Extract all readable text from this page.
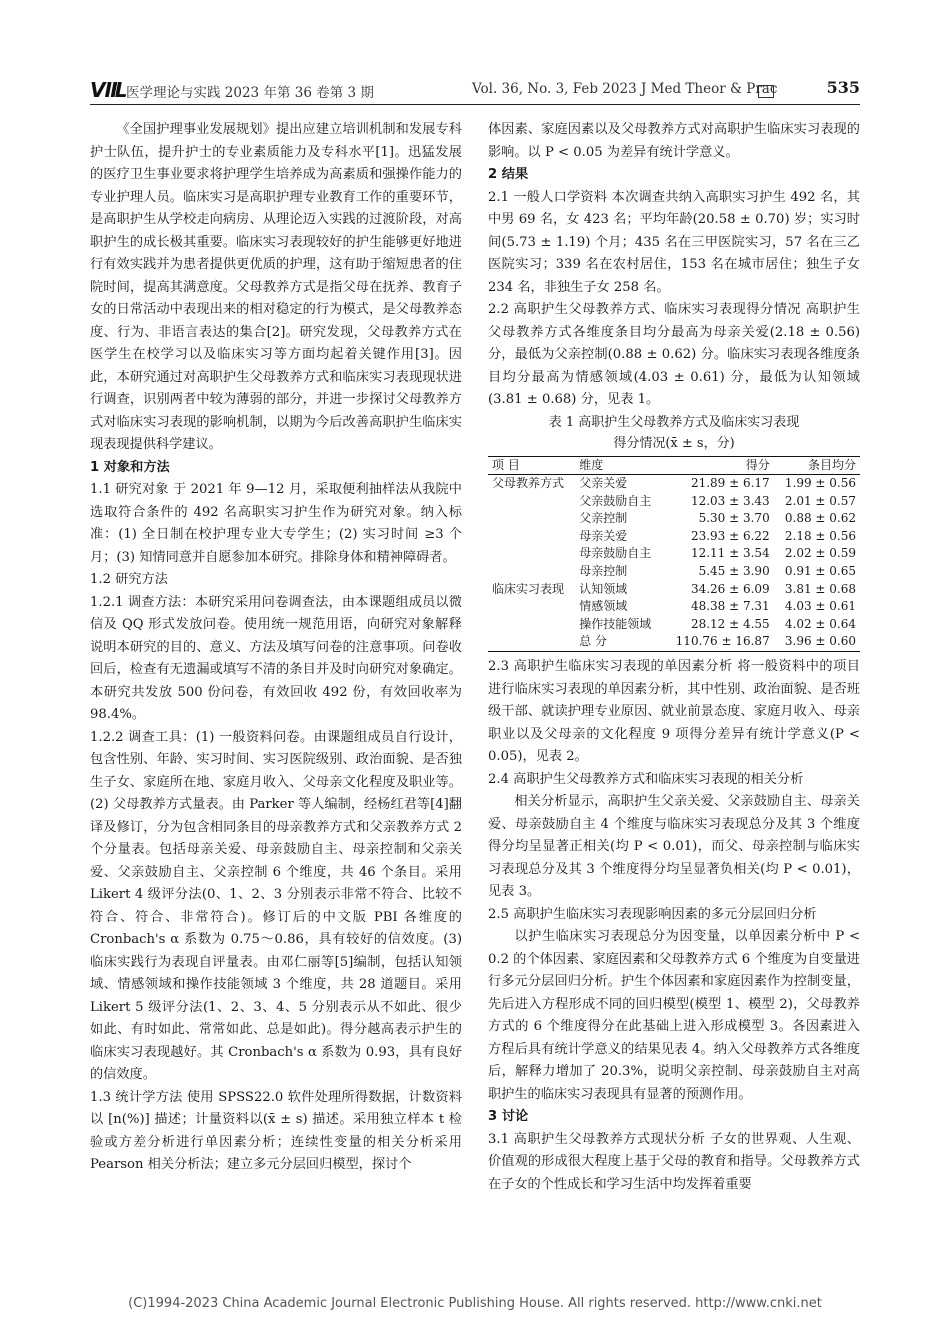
ⅦL 医学理论与实践 2023 年第 36 卷第 3 期	Vol. 36, No. 3, Feb 2023 J Med Theor & Prac	535

《全国护理事业发展规划》提出应建立培训机制和发展专科护士队伍，提升护士的专业素质能力及专科水平[1]。迅猛发展的医疗卫生事业要求将护理学生培养成为高素质和强操作能力的专业护理人员。临床实习是高职护理专业教育工作的重要环节，是高职护生从学校走向病房、从理论迈入实践的过渡阶段，对高职护生的成长极其重要。临床实习表现较好的护生能够更好地进行有效实践并为患者提供更优质的护理，这有助于缩短患者的住院时间，提高其满意度。父母教养方式是指父母在抚养、教育子女的日常活动中表现出来的相对稳定的行为模式，是父母教养态度、行为、非语言表达的集合[2]。研究发现，父母教养方式在医学生在校学习以及临床实习等方面均起着关键作用[3]。因此，本研究通过对高职护生父母教养方式和临床实习表现现状进行调查，识别两者中较为薄弱的部分，并进一步探讨父母教养方式对临床实习表现的影响机制，以期为今后改善高职护生临床实现表现提供科学建议。

1 对象和方法

1.1 研究对象 于 2021 年 9—12 月，采取便利抽样法从我院中选取符合条件的 492 名高职实习护生作为研究对象。纳入标准：(1) 全日制在校护理专业大专学生；(2) 实习时间 ≥3 个月；(3) 知情同意并自愿参加本研究。排除身体和精神障碍者。

1.2 研究方法

1.2.1 调查方法：本研究采用问卷调查法，由本课题组成员以微信及 QQ 形式发放问卷。使用统一规范用语，向研究对象解释说明本研究的目的、意义、方法及填写问卷的注意事项。问卷收回后，检查有无遗漏或填写不清的条目并及时向研究对象确定。本研究共发放 500 份问卷，有效回收 492 份，有效回收率为 98.4%。

1.2.2 调查工具：(1) 一般资料问卷。由课题组成员自行设计，包含性别、年龄、实习时间、实习医院级别、政治面貌、是否独生子女、家庭所在地、家庭月收入、父母亲文化程度及职业等。(2) 父母教养方式量表。由 Parker 等人编制，经杨红君等[4]翻译及修订，分为包含相同条目的母亲教养方式和父亲教养方式 2 个分量表。包括母亲关爱、母亲鼓励自主、母亲控制和父亲关爱、父亲鼓励自主、父亲控制 6 个维度，共 46 个条目。采用 Likert 4 级评分法(0、1、2、3 分别表示非常不符合、比较不符合、符合、非常符合)。修订后的中文版 PBI 各维度的 Cronbach's α 系数为 0.75～0.86，具有较好的信效度。(3) 临床实践行为表现自评量表。由邓仁丽等[5]编制，包括认知领域、情感领域和操作技能领域 3 个维度，共 28 道题目。采用 Likert 5 级评分法(1、2、3、4、5 分别表示从不如此、很少如此、有时如此、常常如此、总是如此)。得分越高表示护生的临床实习表现越好。其 Cronbach's α 系数为 0.93，具有良好的信效度。

1.3 统计学方法 使用 SPSS22.0 软件处理所得数据，计数资料以 [n(%)] 描述；计量资料以(x̄ ± s) 描述。采用独立样本 t 检验或方差分析进行单因素分析；连续性变量的相关分析采用 Pearson 相关分析法；建立多元分层回归模型，探讨个

体因素、家庭因素以及父母教养方式对高职护生临床实习表现的影响。以 P < 0.05 为差异有统计学意义。

2 结果

2.1 一般人口学资料 本次调查共纳入高职实习护生 492 名，其中男 69 名，女 423 名；平均年龄(20.58 ± 0.70) 岁；实习时间(5.73 ± 1.19) 个月；435 名在三甲医院实习，57 名在三乙医院实习；339 名在农村居住，153 名在城市居住；独生子女 234 名，非独生子女 258 名。

2.2 高职护生父母教养方式、临床实习表现得分情况 高职护生父母教养方式各维度条目均分最高为母亲关爱(2.18 ± 0.56) 分，最低为父亲控制(0.88 ± 0.62) 分。临床实习表现各维度条目均分最高为情感领域(4.03 ± 0.61) 分，最低为认知领域(3.81 ± 0.68) 分，见表 1。

表 1 高职护生父母教养方式及临床实习表现
得分情况(x̄ ± s，分)
项 目	维度	得分	条目均分
父母教养方式	父亲关爱	21.89 ± 6.17	1.99 ± 0.56
	父亲鼓励自主	12.03 ± 3.43	2.01 ± 0.57
	父亲控制	5.30 ± 3.70	0.88 ± 0.62
	母亲关爱	23.93 ± 6.22	2.18 ± 0.56
	母亲鼓励自主	12.11 ± 3.54	2.02 ± 0.59
	母亲控制	5.45 ± 3.90	0.91 ± 0.65
临床实习表现	认知领域	34.26 ± 6.09	3.81 ± 0.68
	情感领域	48.38 ± 7.31	4.03 ± 0.61
	操作技能领域	28.12 ± 4.55	4.02 ± 0.64
	总 分	110.76 ± 16.87	3.96 ± 0.60

2.3 高职护生临床实习表现的单因素分析 将一般资料中的项目进行临床实习表现的单因素分析，其中性别、政治面貌、是否班级干部、就读护理专业原因、就业前景态度、家庭月收入、母亲职业以及父母亲的文化程度 9 项得分差异有统计学意义(P < 0.05)，见表 2。

2.4 高职护生父母教养方式和临床实习表现的相关分析

相关分析显示，高职护生父亲关爱、父亲鼓励自主、母亲关爱、母亲鼓励自主 4 个维度与临床实习表现总分及其 3 个维度得分均呈显著正相关(均 P < 0.01)，而父、母亲控制与临床实习表现总分及其 3 个维度得分均呈显著负相关(均 P < 0.01)，见表 3。

2.5 高职护生临床实习表现影响因素的多元分层回归分析

以护生临床实习表现总分为因变量，以单因素分析中 P < 0.2 的个体因素、家庭因素和父母教养方式 6 个维度为自变量进行多元分层回归分析。护生个体因素和家庭因素作为控制变量，先后进入方程形成不同的回归模型(模型 1、模型 2)，父母教养方式的 6 个维度得分在此基础上进入形成模型 3。各因素进入方程后具有统计学意义的结果见表 4。纳入父母教养方式各维度后，解释力增加了 20.3%，说明父亲控制、母亲鼓励自主对高职护生的临床实习表现具有显著的预测作用。

3 讨论

3.1 高职护生父母教养方式现状分析 子女的世界观、人生观、价值观的形成很大程度上基于父母的教育和指导。父母教养方式在子女的个性成长和学习生活中均发挥着重要

(C)1994-2023 China Academic Journal Electronic Publishing House. All rights reserved. http://www.cnki.net
